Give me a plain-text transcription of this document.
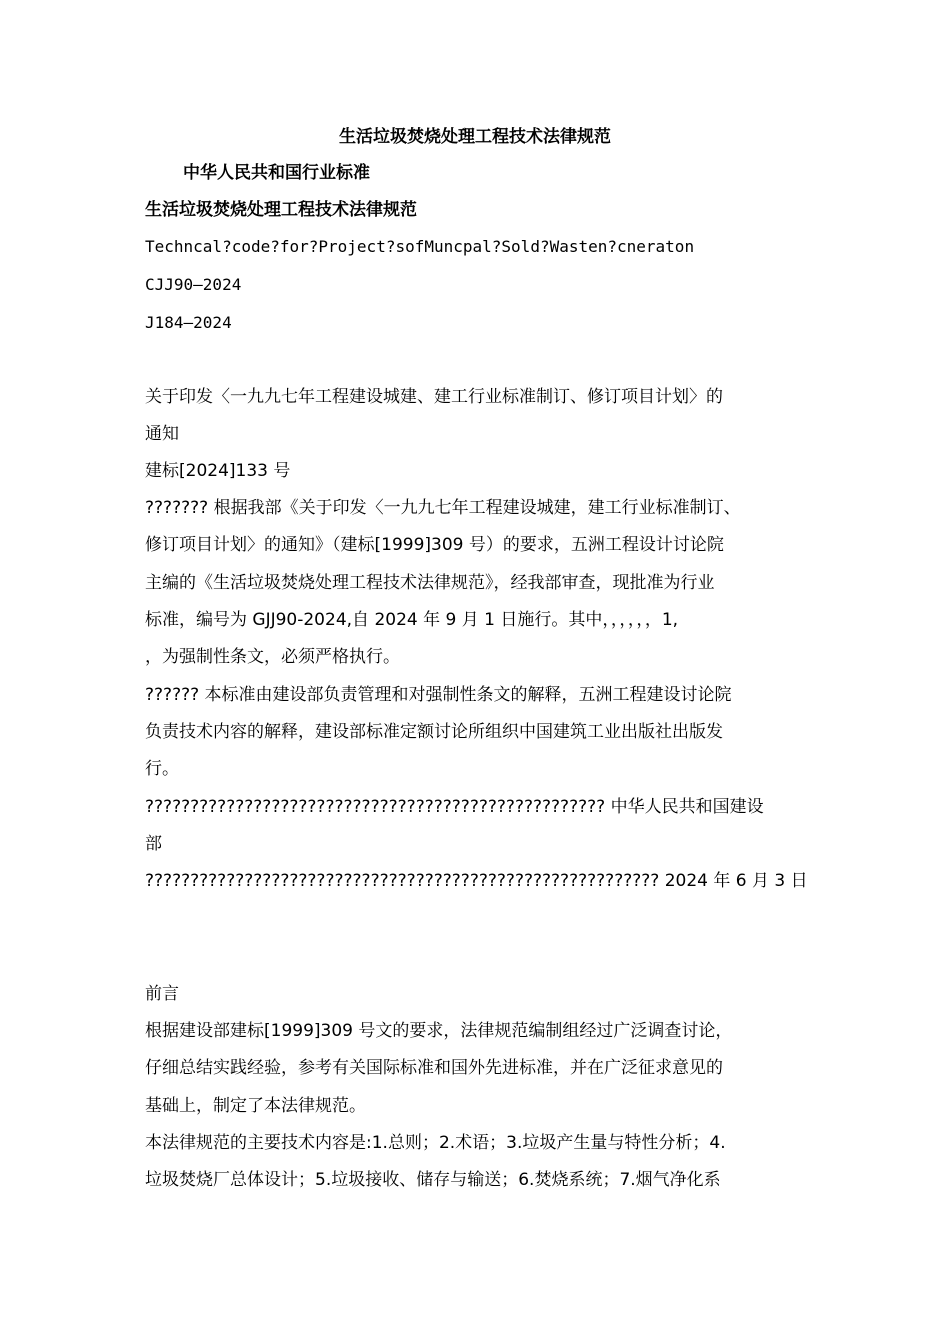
生活垃圾焚烧处理工程技术法律规范
中华人民共和国行业标准
生活垃圾焚烧处理工程技术法律规范
Techncal?code?for?Project?sofMuncpal?Sold?Wasten?cneraton
CJJ90—2024
J184—2024
关于印发〈一九九七年工程建设城建、建工行业标准制订、修订项目计划〉的
通知
建标[2024]133 号
??????? 根据我部《关于印发〈一九九七年工程建设城建，建工行业标准制订、
修订项目计划〉的通知》（建标[1999]309 号）的要求，五洲工程设计讨论院
主编的《生活垃圾焚烧处理工程技术法律规范》，经我部审查，现批准为行业
标准，编号为 GJJ90-2024,自 2024 年 9 月 1 日施行。其中，，，，，，1,
，为强制性条文，必须严格执行。
?????? 本标准由建设部负责管理和对强制性条文的解释，五洲工程建设讨论院
负责技术内容的解释，建设部标准定额讨论所组织中国建筑工业出版社出版发
行。
??????????????????????????????????????????????????? 中华人民共和国建设
部
????????????????????????????????????????????????????????? 2024 年 6 月 3 日
前言
根据建设部建标[1999]309 号文的要求，法律规范编制组经过广泛调查讨论，
仔细总结实践经验，参考有关国际标准和国外先进标准，并在广泛征求意见的
基础上，制定了本法律规范。
本法律规范的主要技术内容是:1.总则；2.术语；3.垃圾产生量与特性分析；4.
垃圾焚烧厂总体设计；5.垃圾接收、储存与输送；6.焚烧系统；7.烟气净化系
